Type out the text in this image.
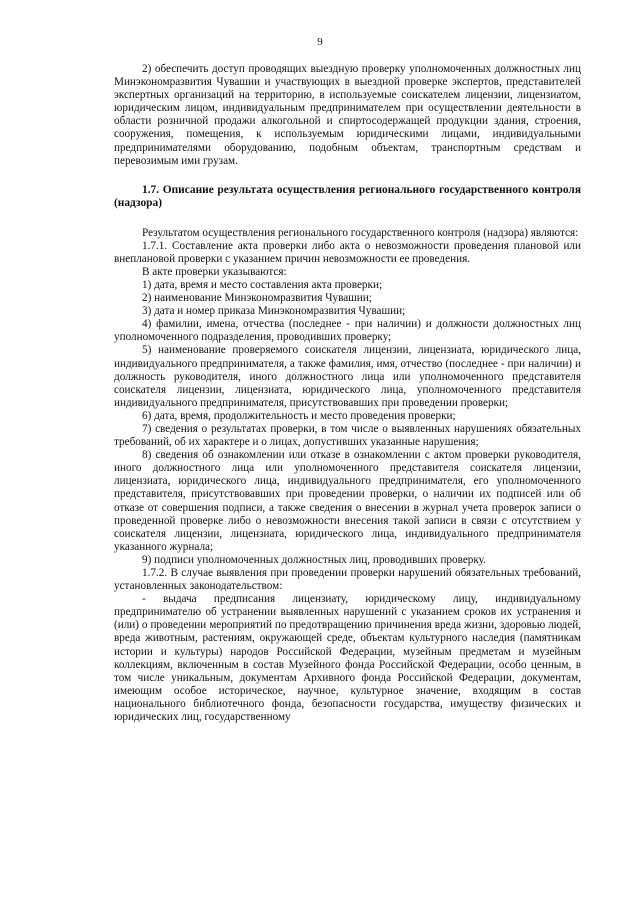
9

2) обеспечить доступ проводящих выездную проверку уполномоченных должностных лиц Минэкономразвития Чувашии и участвующих в выездной проверке экспертов, представителей экспертных организаций на территорию, в используемые соискателем лицензии, лицензиатом, юридическим лицом, индивидуальным предпринимателем при осуществлении деятельности в области розничной продажи алкогольной и спиртосодержащей продукции здания, строения, сооружения, помещения, к используемым юридическими лицами, индивидуальными предпринимателями оборудованию, подобным объектам, транспортным средствам и перевозимым ими грузам.

1.7. Описание результата осуществления регионального государственного контроля (надзора)

Результатом осуществления регионального государственного контроля (надзора) являются:

1.7.1. Составление акта проверки либо акта о невозможности проведения плановой или внеплановой проверки с указанием причин невозможности ее проведения.

В акте проверки указываются:

1) дата, время и место составления акта проверки;

2) наименование Минэкономразвития Чувашии;

3) дата и номер приказа Минэкономразвития Чувашии;

4) фамилии, имена, отчества (последнее - при наличии) и должности должностных лиц уполномоченного подразделения, проводивших проверку;

5) наименование проверяемого соискателя лицензии, лицензиата, юридического лица, индивидуального предпринимателя, а также фамилия, имя, отчество (последнее - при наличии) и должность руководителя, иного должностного лица или уполномоченного представителя соискателя лицензии, лицензиата, юридического лица, уполномоченного представителя индивидуального предпринимателя, присутствовавших при проведении проверки;

6) дата, время, продолжительность и место проведения проверки;

7) сведения о результатах проверки, в том числе о выявленных нарушениях обязательных требований, об их характере и о лицах, допустивших указанные нарушения;

8) сведения об ознакомлении или отказе в ознакомлении с актом проверки руководителя, иного должностного лица или уполномоченного представителя соискателя лицензии, лицензиата, юридического лица, индивидуального предпринимателя, его уполномоченного представителя, присутствовавших при проведении проверки, о наличии их подписей или об отказе от совершения подписи, а также сведения о внесении в журнал учета проверок записи о проведенной проверке либо о невозможности внесения такой записи в связи с отсутствием у соискателя лицензии, лицензиата, юридического лица, индивидуального предпринимателя указанного журнала;

9) подписи уполномоченных должностных лиц, проводивших проверку.

1.7.2. В случае выявления при проведении проверки нарушений обязательных требований, установленных законодательством:

- выдача предписания лицензиату, юридическому лицу, индивидуальному предпринимателю об устранении выявленных нарушений с указанием сроков их устранения и (или) о проведении мероприятий по предотвращению причинения вреда жизни, здоровью людей, вреда животным, растениям, окружающей среде, объектам культурного наследия (памятникам истории и культуры) народов Российской Федерации, музейным предметам и музейным коллекциям, включенным в состав Музейного фонда Российской Федерации, особо ценным, в том числе уникальным, документам Архивного фонда Российской Федерации, документам, имеющим особое историческое, научное, культурное значение, входящим в состав национального библиотечного фонда, безопасности государства, имуществу физических и юридических лиц, государственному
